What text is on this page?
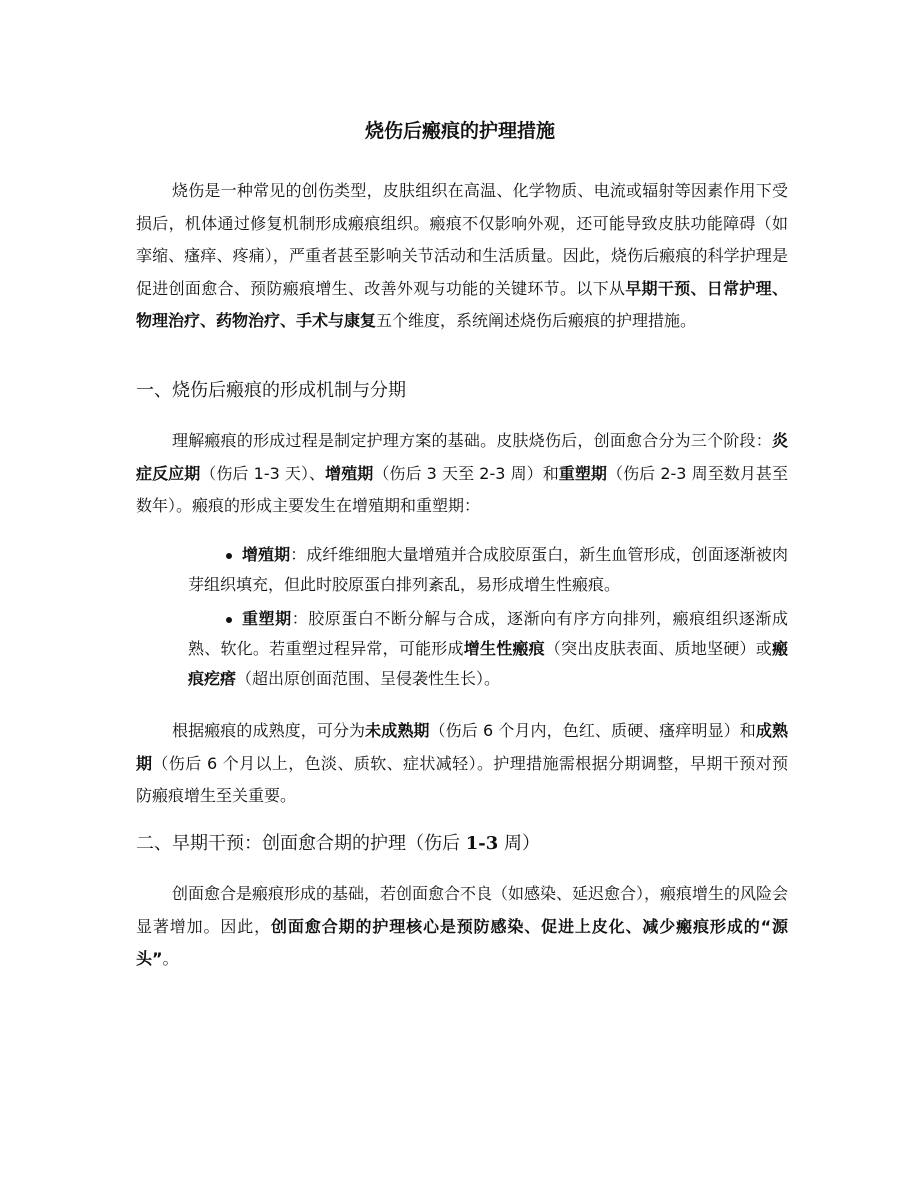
烧伤后瘢痕的护理措施

烧伤是一种常见的创伤类型，皮肤组织在高温、化学物质、电流或辐射等因素作用下受损后，机体通过修复机制形成瘢痕组织。瘢痕不仅影响外观，还可能导致皮肤功能障碍（如挛缩、瘙痒、疼痛），严重者甚至影响关节活动和生活质量。因此，烧伤后瘢痕的科学护理是促进创面愈合、预防瘢痕增生、改善外观与功能的关键环节。以下从早期干预、日常护理、物理治疗、药物治疗、手术与康复五个维度，系统阐述烧伤后瘢痕的护理措施。

一、烧伤后瘢痕的形成机制与分期

理解瘢痕的形成过程是制定护理方案的基础。皮肤烧伤后，创面愈合分为三个阶段：炎症反应期（伤后 1-3 天）、增殖期（伤后 3 天至 2-3 周）和重塑期（伤后 2-3 周至数月甚至数年）。瘢痕的形成主要发生在增殖期和重塑期：

增殖期：成纤维细胞大量增殖并合成胶原蛋白，新生血管形成，创面逐渐被肉芽组织填充，但此时胶原蛋白排列紊乱，易形成增生性瘢痕。
重塑期：胶原蛋白不断分解与合成，逐渐向有序方向排列，瘢痕组织逐渐成熟、软化。若重塑过程异常，可能形成增生性瘢痕（突出皮肤表面、质地坚硬）或瘢痕疙瘩（超出原创面范围、呈侵袭性生长）。

根据瘢痕的成熟度，可分为未成熟期（伤后 6 个月内，色红、质硬、瘙痒明显）和成熟期（伤后 6 个月以上，色淡、质软、症状减轻）。护理措施需根据分期调整，早期干预对预防瘢痕增生至关重要。

二、早期干预：创面愈合期的护理（伤后 1-3 周）

创面愈合是瘢痕形成的基础，若创面愈合不良（如感染、延迟愈合），瘢痕增生的风险会显著增加。因此，创面愈合期的护理核心是预防感染、促进上皮化、减少瘢痕形成的“源头”。
